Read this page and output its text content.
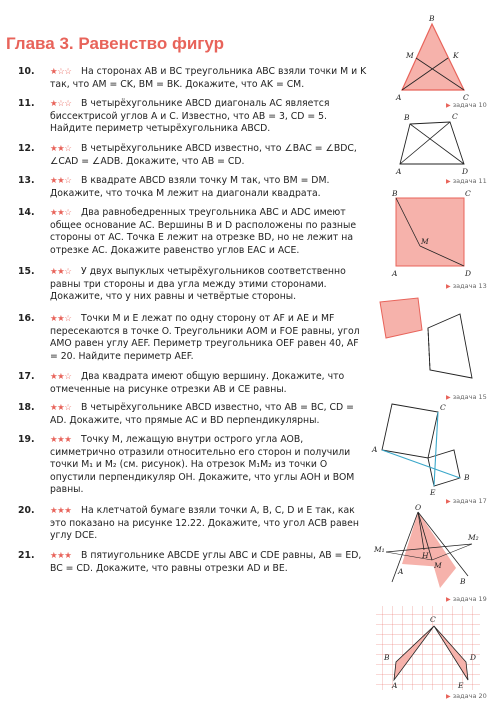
Глава 3. Равенство фигур
10.	★☆☆	На сторонах AB и BC треугольника ABC взяли точки M и K так, что AM = CK, BM = BK. Докажите, что AK = CM.
11.	★☆☆	В четырёхугольнике ABCD диагональ AC является биссектрисой углов A и C. Известно, что AB = 3, CD = 5. Найдите периметр четырёхугольника ABCD.
12.	★★☆	В четырёхугольнике ABCD известно, что ∠BAC = ∠BDC, ∠CAD = ∠ADB. Докажите, что AB = CD.
13.	★★☆	В квадрате ABCD взяли точку M так, что BM = DM. Докажите, что точка M лежит на диагонали квадрата.
14.	★★☆	Два равнобедренных треугольника ABC и ADC имеют общее основание AC. Вершины B и D расположены по разные стороны от AC. Точка E лежит на отрезке BD, но не лежит на отрезке AC. Докажите равенство углов EAC и ACE.
15.	★★☆	У двух выпуклых четырёхугольников соответственно равны три стороны и два угла между этими сторонами. Докажите, что у них равны и четвёртые стороны.
16.	★★☆	Точки M и E лежат по одну сторону от AF и AE и MF пересекаются в точке O. Треугольники AOM и FOE равны, угол AMO равен углу AEF. Периметр треугольника OEF равен 40, AF = 20. Найдите периметр AEF.
17.	★★☆	Два квадрата имеют общую вершину. Докажите, что отмеченные на рисунке отрезки AB и CE равны.
18.	★★☆	В четырёхугольнике ABCD известно, что AB = BC, CD = AD. Докажите, что прямые AC и BD перпендикулярны.
19.	★★★	Точку M, лежащую внутри острого угла AOB, симметрично отразили относительно его сторон и получили точки M₁ и M₂ (см. рисунок). На отрезок M₁M₂ из точки O опустили перпендикуляр OH. Докажите, что углы AOH и BOM равны.
20.	★★★	На клетчатой бумаге взяли точки A, B, C, D и E так, как это показано на рисунке 12.22. Докажите, что угол ACB равен углу DCE.
21.	★★★	В пятиугольнике ABCDE углы ABC и CDE равны, AB = ED, BC = CD. Докажите, что равны отрезки AD и BE.
B
M	K
A	C
▶ задача 10
B	C
A	D
▶ задача 11
B	C
M
A	D
▶ задача 13
▶ задача 15
A
B
C
E
▶ задача 17
O
M₁
M₂
H
A
M
B
▶ задача 19
C
B	D
A	E
▶ задача 20
